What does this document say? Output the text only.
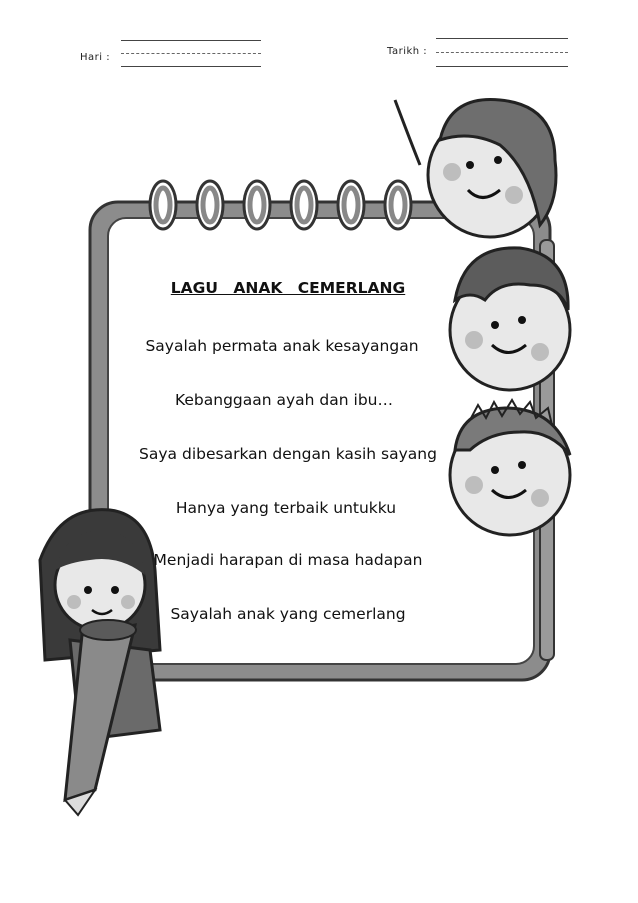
Hari :
Tarikh :
LAGU ANAK CEMERLANG
Sayalah permata anak kesayangan
Kebanggaan ayah dan ibu…
Saya dibesarkan dengan kasih sayang
Hanya yang terbaik untukku
Menjadi harapan di masa hadapan
Sayalah anak yang cemerlang
